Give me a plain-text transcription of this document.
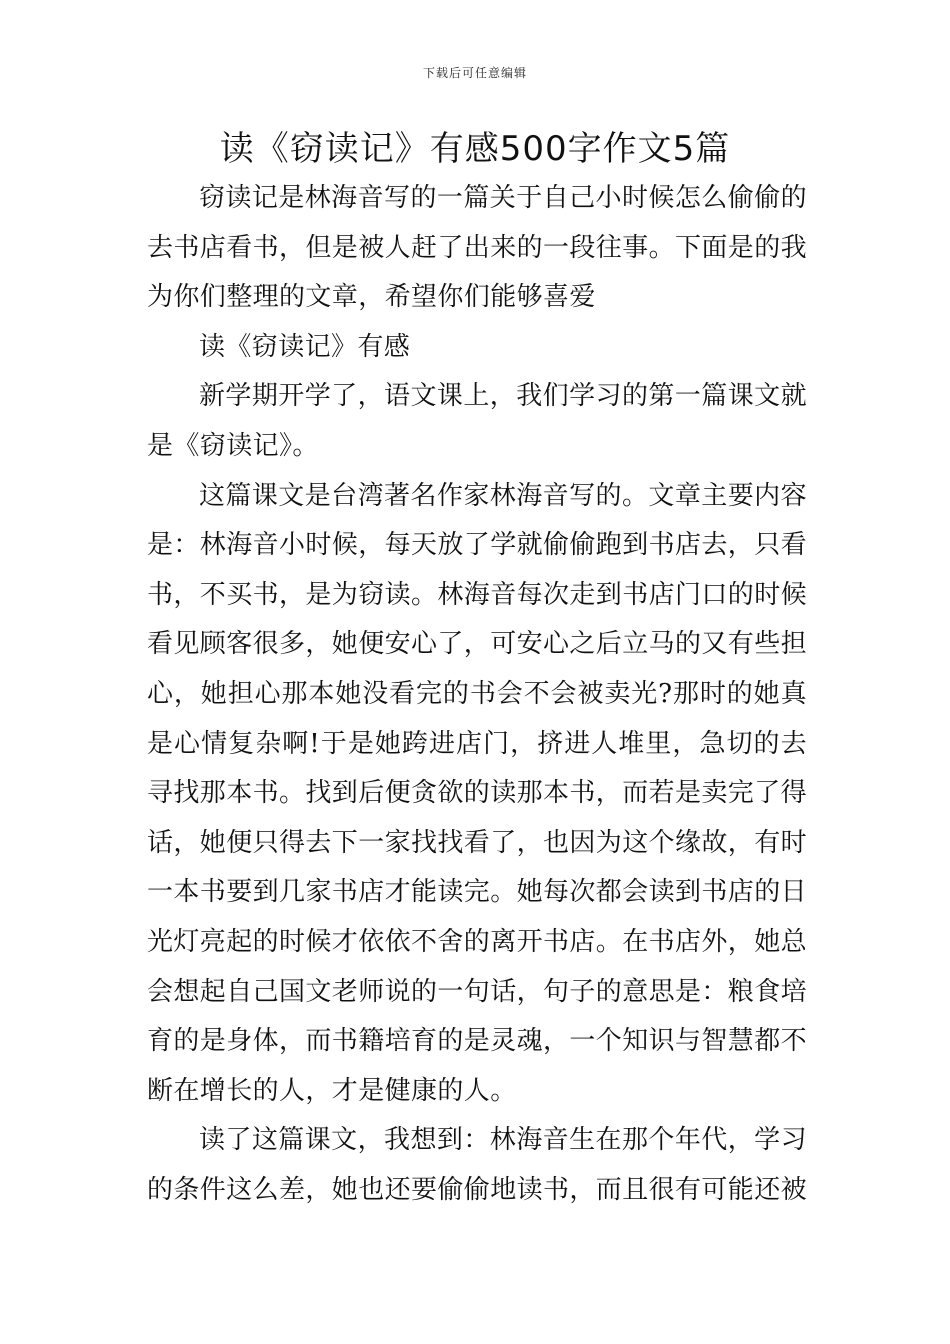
下载后可任意编辑
读《窃读记》有感500字作文5篇

窃读记是林海音写的一篇关于自己小时候怎么偷偷的去书店看书，但是被人赶了出来的一段往事。下面是的我为你们整理的文章，希望你们能够喜爱

读《窃读记》有感

新学期开学了，语文课上，我们学习的第一篇课文就是《窃读记》。

这篇课文是台湾著名作家林海音写的。文章主要内容是：林海音小时候，每天放了学就偷偷跑到书店去，只看书，不买书，是为窃读。林海音每次走到书店门口的时候看见顾客很多，她便安心了，可安心之后立马的又有些担心，她担心那本她没看完的书会不会被卖光?那时的她真是心情复杂啊!于是她跨进店门，挤进人堆里，急切的去寻找那本书。找到后便贪欲的读那本书，而若是卖完了得话，她便只得去下一家找找看了，也因为这个缘故，有时一本书要到几家书店才能读完。她每次都会读到书店的日光灯亮起的时候才依依不舍的离开书店。在书店外，她总会想起自己国文老师说的一句话，句子的意思是：粮食培育的是身体，而书籍培育的是灵魂，一个知识与智慧都不断在增长的人，才是健康的人。

读了这篇课文，我想到：林海音生在那个年代，学习的条件这么差，她也还要偷偷地读书，而且很有可能还被
